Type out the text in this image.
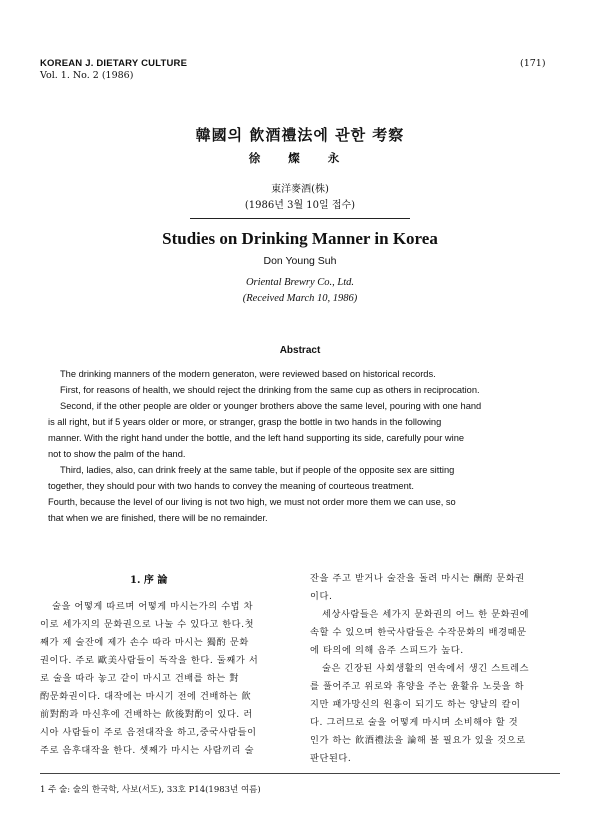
KOREAN J. DIETARY CULTURE
Vol. 1. No. 2 (1986)
(171)
韓國의 飮酒禮法에 관한 考察
徐 燦 永
東洋麥酒(株)
(1986년 3월 10일 접수)
Studies on Drinking Manner in Korea
Don Young Suh
Oriental Brewry Co., Ltd.
(Received March 10, 1986)
Abstract
The drinking manners of the modern generaton, were reviewed based on historical records.
First, for reasons of health, we should reject the drinking from the same cup as others in reciprocation.
Second, if the other people are older or younger brothers above the same level, pouring with one hand
is all right, but if 5 years older or more, or stranger, grasp the bottle in two hands in the following
manner. With the right hand under the bottle, and the left hand supporting its side, carefully pour wine
not to show the palm of the hand.
Third, ladies, also, can drink freely at the same table, but if people of the opposite sex are sitting
together, they should pour with two hands to convey the meaning of courteous treatment.
Fourth, because the level of our living is not two high, we must not order more them we can use, so
that when we are finished, there will be no remainder.
1. 序 論
술을 어떻게 따르며 어떻게 마시는가의 수법 차
이로 세가지의 문화권으로 나눌 수 있다고 한다.첫
째가 제 술잔에 제가 손수 따라 마시는 獨酌 문화
권이다. 주로 歐美사람들이 독작을 한다. 둘째가 서
로 술을 따라 놓고 같이 마시고 건배를 하는 對
酌문화권이다. 대작에는 마시기 전에 건배하는 飮
前對酌과 마신후에 건배하는 飮後對酌이 있다. 러
시아 사람들이 주로 음전대작을 하고,중국사람들이
주로 음후대작을 한다. 셋째가 마시는 사람끼리 술
잔을 주고 받거나 술잔을 돌려 마시는 酬酌 문화권
이다.
세상사람들은 세가지 문화권의 어느 한 문화권에
속할 수 있으며 한국사람들은 수작문화의 배경때문
에 타의에 의해 음주 스피드가 높다.
술은 긴장된 사회생활의 연속에서 생긴 스트레스
를 풀어주고 위로와 휴양을 주는 윤활유 노릇을 하
지만 패가망신의 원흉이 되기도 하는 양날의 칼이
다. 그러므로 술을 어떻게 마시며 소비해야 할 것
인가 하는 飮酒禮法을 論해 볼 필요가 있을 것으로
판단된다.
1 주 술: 술의 한국학, 사보(서도), 33호 P14(1983년 여름)
